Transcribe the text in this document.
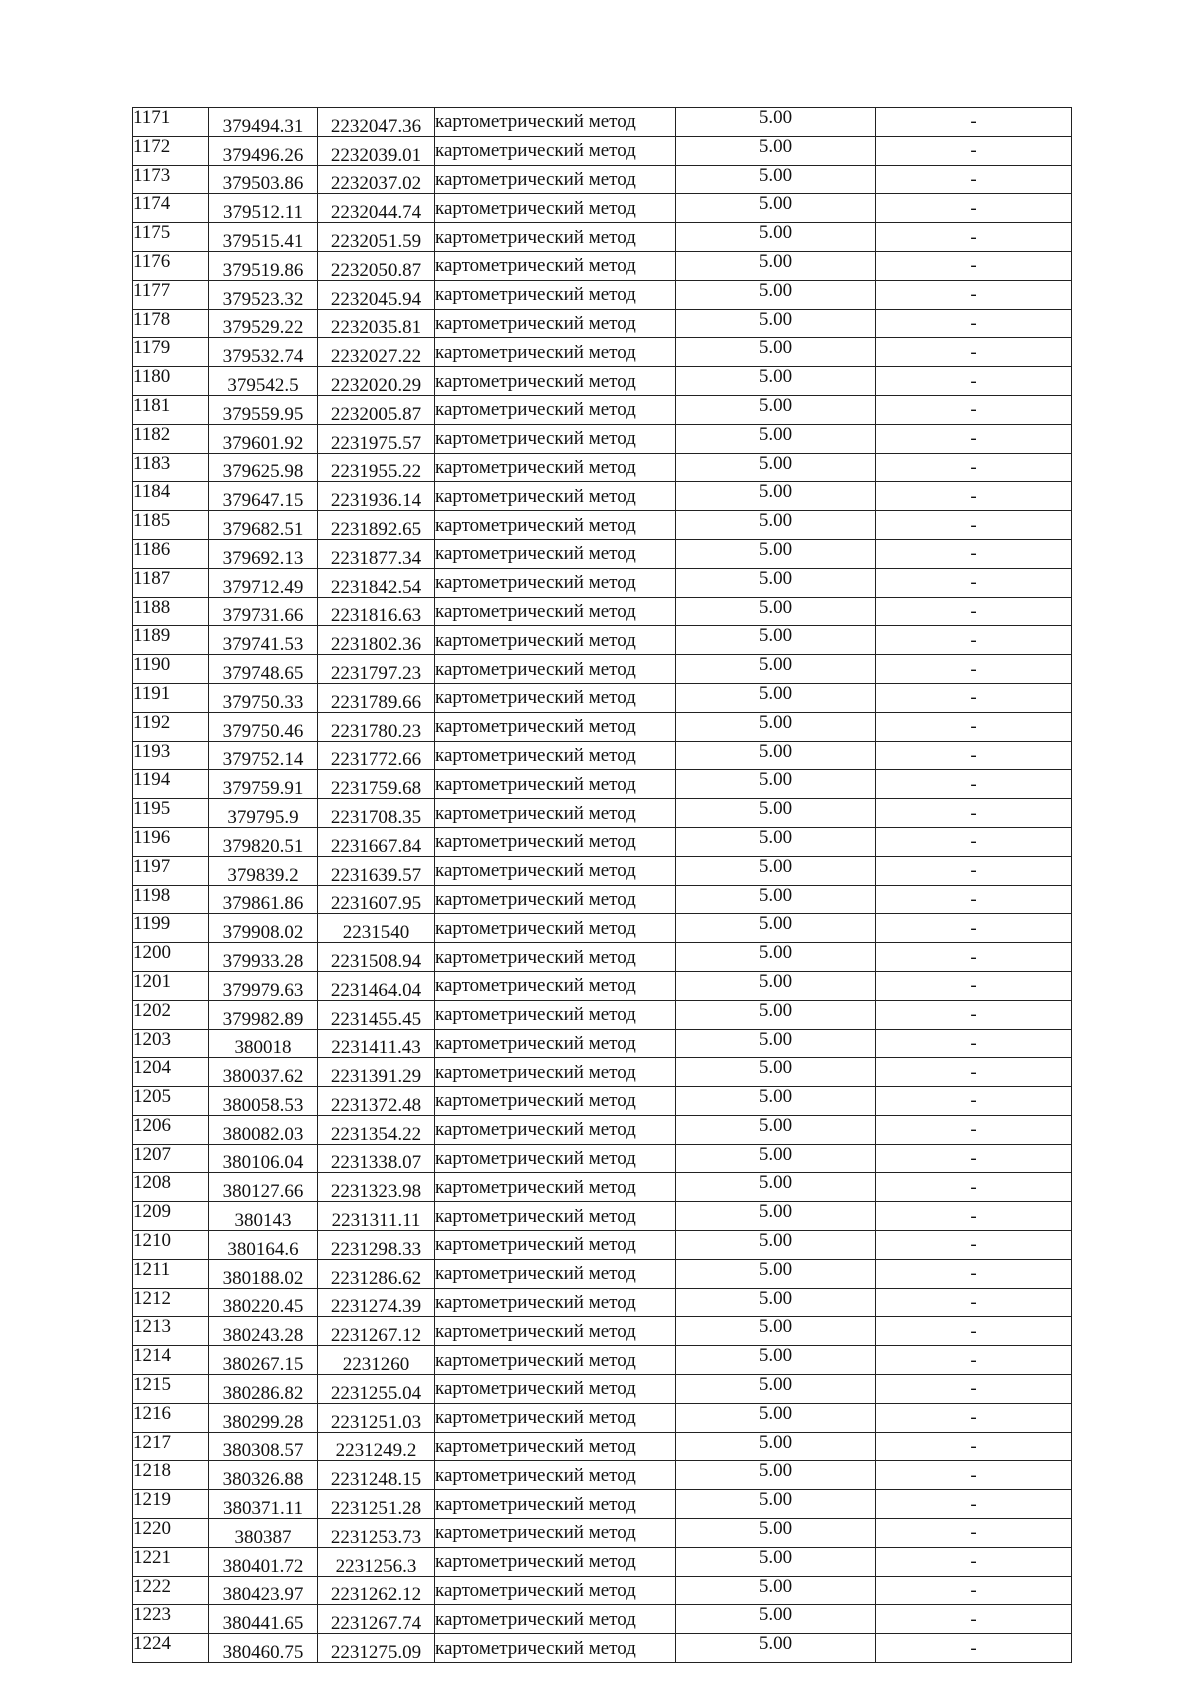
1171	379494.31	2232047.36	картометрический метод	5.00	-
1172	379496.26	2232039.01	картометрический метод	5.00	-
1173	379503.86	2232037.02	картометрический метод	5.00	-
1174	379512.11	2232044.74	картометрический метод	5.00	-
1175	379515.41	2232051.59	картометрический метод	5.00	-
1176	379519.86	2232050.87	картометрический метод	5.00	-
1177	379523.32	2232045.94	картометрический метод	5.00	-
1178	379529.22	2232035.81	картометрический метод	5.00	-
1179	379532.74	2232027.22	картометрический метод	5.00	-
1180	379542.5	2232020.29	картометрический метод	5.00	-
1181	379559.95	2232005.87	картометрический метод	5.00	-
1182	379601.92	2231975.57	картометрический метод	5.00	-
1183	379625.98	2231955.22	картометрический метод	5.00	-
1184	379647.15	2231936.14	картометрический метод	5.00	-
1185	379682.51	2231892.65	картометрический метод	5.00	-
1186	379692.13	2231877.34	картометрический метод	5.00	-
1187	379712.49	2231842.54	картометрический метод	5.00	-
1188	379731.66	2231816.63	картометрический метод	5.00	-
1189	379741.53	2231802.36	картометрический метод	5.00	-
1190	379748.65	2231797.23	картометрический метод	5.00	-
1191	379750.33	2231789.66	картометрический метод	5.00	-
1192	379750.46	2231780.23	картометрический метод	5.00	-
1193	379752.14	2231772.66	картометрический метод	5.00	-
1194	379759.91	2231759.68	картометрический метод	5.00	-
1195	379795.9	2231708.35	картометрический метод	5.00	-
1196	379820.51	2231667.84	картометрический метод	5.00	-
1197	379839.2	2231639.57	картометрический метод	5.00	-
1198	379861.86	2231607.95	картометрический метод	5.00	-
1199	379908.02	2231540	картометрический метод	5.00	-
1200	379933.28	2231508.94	картометрический метод	5.00	-
1201	379979.63	2231464.04	картометрический метод	5.00	-
1202	379982.89	2231455.45	картометрический метод	5.00	-
1203	380018	2231411.43	картометрический метод	5.00	-
1204	380037.62	2231391.29	картометрический метод	5.00	-
1205	380058.53	2231372.48	картометрический метод	5.00	-
1206	380082.03	2231354.22	картометрический метод	5.00	-
1207	380106.04	2231338.07	картометрический метод	5.00	-
1208	380127.66	2231323.98	картометрический метод	5.00	-
1209	380143	2231311.11	картометрический метод	5.00	-
1210	380164.6	2231298.33	картометрический метод	5.00	-
1211	380188.02	2231286.62	картометрический метод	5.00	-
1212	380220.45	2231274.39	картометрический метод	5.00	-
1213	380243.28	2231267.12	картометрический метод	5.00	-
1214	380267.15	2231260	картометрический метод	5.00	-
1215	380286.82	2231255.04	картометрический метод	5.00	-
1216	380299.28	2231251.03	картометрический метод	5.00	-
1217	380308.57	2231249.2	картометрический метод	5.00	-
1218	380326.88	2231248.15	картометрический метод	5.00	-
1219	380371.11	2231251.28	картометрический метод	5.00	-
1220	380387	2231253.73	картометрический метод	5.00	-
1221	380401.72	2231256.3	картометрический метод	5.00	-
1222	380423.97	2231262.12	картометрический метод	5.00	-
1223	380441.65	2231267.74	картометрический метод	5.00	-
1224	380460.75	2231275.09	картометрический метод	5.00	-
